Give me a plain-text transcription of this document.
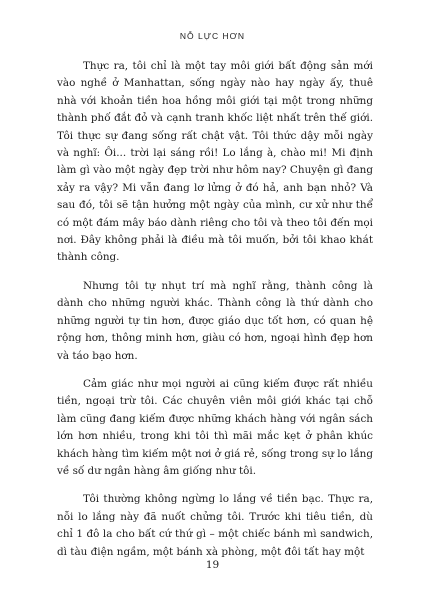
NỖ LỰC HƠN

Thực ra, tôi chỉ là một tay môi giới bất động sản mới vào nghề ở Manhattan, sống ngày nào hay ngày ấy, thuê nhà với khoản tiền hoa hồng môi giới tại một trong những thành phố đắt đỏ và cạnh tranh khốc liệt nhất trên thế giới. Tôi thực sự đang sống rất chật vật. Tôi thức dậy mỗi ngày và nghĩ: Ôi... trời lại sáng rồi! Lo lắng à, chào mi! Mi định làm gì vào một ngày đẹp trời như hôm nay? Chuyện gì đang xảy ra vậy? Mi vẫn đang lơ lửng ở đó hả, anh bạn nhỏ? Và sau đó, tôi sẽ tận hưởng một ngày của mình, cư xử như thể có một đám mây báo dành riêng cho tôi và theo tôi đến mọi nơi. Đây không phải là điều mà tôi muốn, bởi tôi khao khát thành công.

Nhưng tôi tự nhụt trí mà nghĩ rằng, thành công là dành cho những người khác. Thành công là thứ dành cho những người tự tin hơn, được giáo dục tốt hơn, có quan hệ rộng hơn, thông minh hơn, giàu có hơn, ngoại hình đẹp hơn và táo bạo hơn.

Cảm giác như mọi người ai cũng kiếm được rất nhiều tiền, ngoại trừ tôi. Các chuyên viên môi giới khác tại chỗ làm cũng đang kiếm được những khách hàng với ngân sách lớn hơn nhiều, trong khi tôi thì mãi mắc kẹt ở phân khúc khách hàng tìm kiếm một nơi ở giá rẻ, sống trong sự lo lắng về số dư ngân hàng âm giống như tôi.

Tôi thường không ngừng lo lắng về tiền bạc. Thực ra, nỗi lo lắng này đã nuốt chửng tôi. Trước khi tiêu tiền, dù chỉ 1 đô la cho bất cứ thứ gì – một chiếc bánh mì sandwich, dì tàu điện ngầm, một bánh xà phòng, một đôi tất hay một

19
